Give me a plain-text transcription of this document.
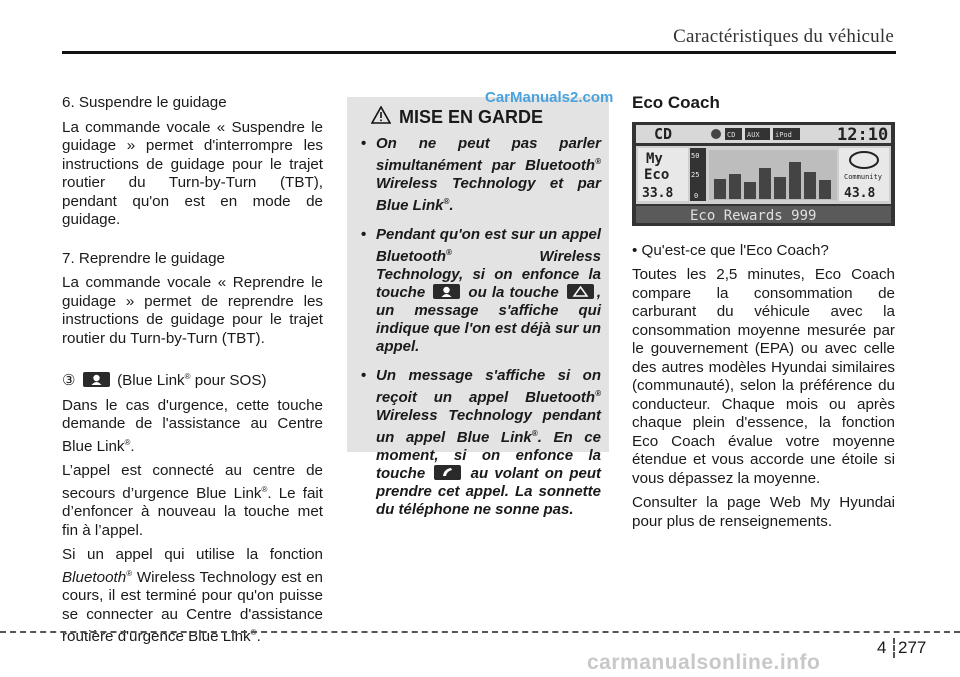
Caractéristiques du véhicule

6. Suspendre le guidage

La commande vocale « Suspendre le guidage » permet d'interrompre les instructions de guidage pour le trajet routier du Turn-by-Turn (TBT), pendant qu'on est en mode de guidage.

7. Reprendre le guidage

La commande vocale « Reprendre le guidage » permet de reprendre les instructions de guidage pour le trajet routier du Turn-by-Turn (TBT).

③	(Blue Link® pour SOS)

Dans le cas d'urgence, cette touche demande de l'assistance au Centre Blue Link®.

L’appel est connecté au centre de secours d’urgence Blue Link®. Le fait d’enfoncer à nouveau la touche met fin à l’appel.

Si un appel qui utilise la fonction Bluetooth® Wireless Technology est en cours, il est terminé pour qu'on puisse se connecter au Centre d'assistance routière d'urgence Blue Link®.

MISE EN GARDE
• On ne peut pas parler simultanément par Bluetooth® Wireless Technology et par Blue Link®.
• Pendant qu'on est sur un appel Bluetooth® Wireless Technology, si on enfonce la touche
ou la touche
, un message s'affiche qui indique que l'on est déjà sur un appel.
• Un message s'affiche si on reçoit un appel Bluetooth® Wireless Technology pendant un appel Blue Link®. En ce moment, si on enfonce la touche
au volant on peut prendre cet appel. La sonnette du téléphone ne sonne pas.
CarManuals2.com Eco Coach
CD	CD AUX iPod	12:10
My
Eco
33.8
50
25
0
Community
43.8
Eco Rewards 999

• Qu'est-ce que l'Eco Coach?

Toutes les 2,5 minutes, Eco Coach compare la consommation de carburant du véhicule avec la consommation moyenne mesurée par le gouvernement (EPA) ou avec celle des autres modèles Hyundai similaires (communauté), selon la préférence du conducteur. Chaque mois ou après chaque plein d'essence, la fonction Eco Coach évalue votre moyenne étendue et vous accorde une étoile si vous dépassez la moyenne.

Consulter la page Web My Hyundai pour plus de renseignements.

4 277
carmanualsonline.info
